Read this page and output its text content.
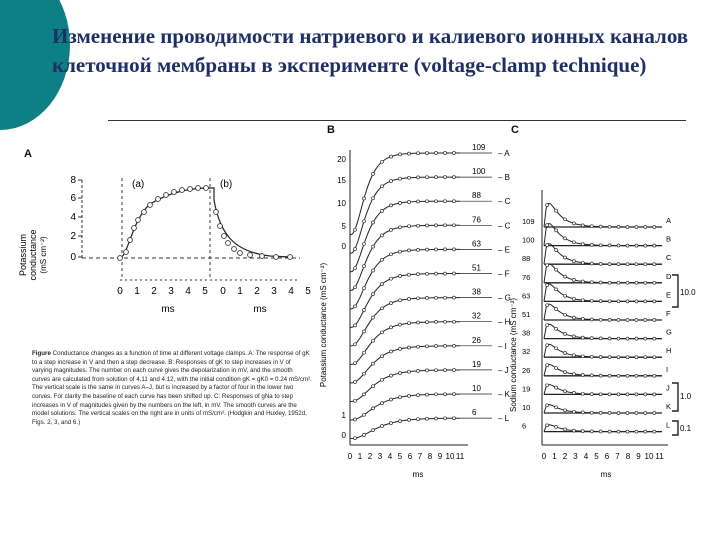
Изменение проводимости натриевого и калиевого ионных каналов
клеточной мембраны в эксперименте (voltage-clamp technique)
A
Potassium conductance (mS cm⁻²)
8
6
4
2
0
(a)	(b)
0 1 2 3 4 5 0 1 2 3 4 5
ms	ms
Figure Conductance changes as a function of time at different voltage clamps. A: The response of gK to a step increase in V and then a step decrease. B: Responses of gK to step increases in V of varying magnitudes. The number on each curve gives the depolarization in mV, and the smooth curves are calculated from solution of 4.11 and 4.12, with the initial condition gK = gK0 = 0.24 mS/cm². The vertical scale is the same in curves A–J, but is increased by a factor of four in the lower two curves. For clarity the baseline of each curve has been shifted up. C: Responses of gNa to step increases in V of magnitudes given by the numbers on the left, in mV. The smooth curves are the model solutions. The vertical scales on the right are in units of mS/cm². (Hodgkin and Huxley, 1952d, Figs. 2, 3, and 6.)
B
Potassium conductance (mS cm⁻²)
20
15
10
5
0
1
0
109
– A
100
– B
88
– C
76
– C
63
– E
51
– F
38
– G
32
– H
26
– I
19
– J
10
– K
6
– L
0 1 2 3 4 5 6 7 8 9 10 11
ms
C
Sodium conductance (mS cm⁻²)
109	A
100	B
88	C
76	D
63	E
51	F
38	G
32	H
26	I
19	J
10	K
6	L
0 1 2 3 4 5 6 7 8 9 10 11
ms
10.0
1.0
0.1
